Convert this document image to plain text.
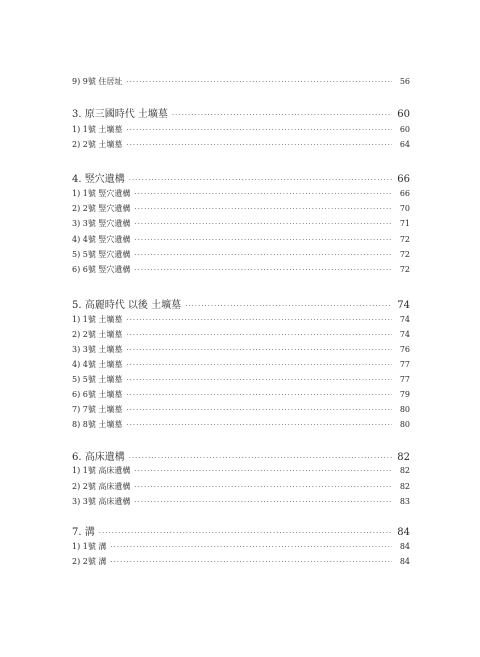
9) 9號 住居址 ·····	56
3. 原三國時代 土壙墓 ·····	60
1) 1號 土壙墓 ·····	60
2) 2號 土壙墓 ·····	64
4. 竪穴遺構 ·····	66
1) 1號 竪穴遺構 ·····	66
2) 2號 竪穴遺構 ·····	70
3) 3號 竪穴遺構 ·····	71
4) 4號 竪穴遺構 ·····	72
5) 5號 竪穴遺構 ·····	72
6) 6號 竪穴遺構 ·····	72
5. 高麗時代 以後 土壙墓 ·····	74
1) 1號 土壙墓 ·····	74
2) 2號 土壙墓 ·····	74
3) 3號 土壙墓 ·····	76
4) 4號 土壙墓 ·····	77
5) 5號 土壙墓 ·····	77
6) 6號 土壙墓 ·····	79
7) 7號 土壙墓 ·····	80
8) 8號 土壙墓 ·····	80
6. 高床遺構 ·····	82
1) 1號 高床遺構 ·····	82
2) 2號 高床遺構 ·····	82
3) 3號 高床遺構 ·····	83
7. 溝 ·····	84
1) 1號 溝 ·····	84
2) 2號 溝 ·····	84
